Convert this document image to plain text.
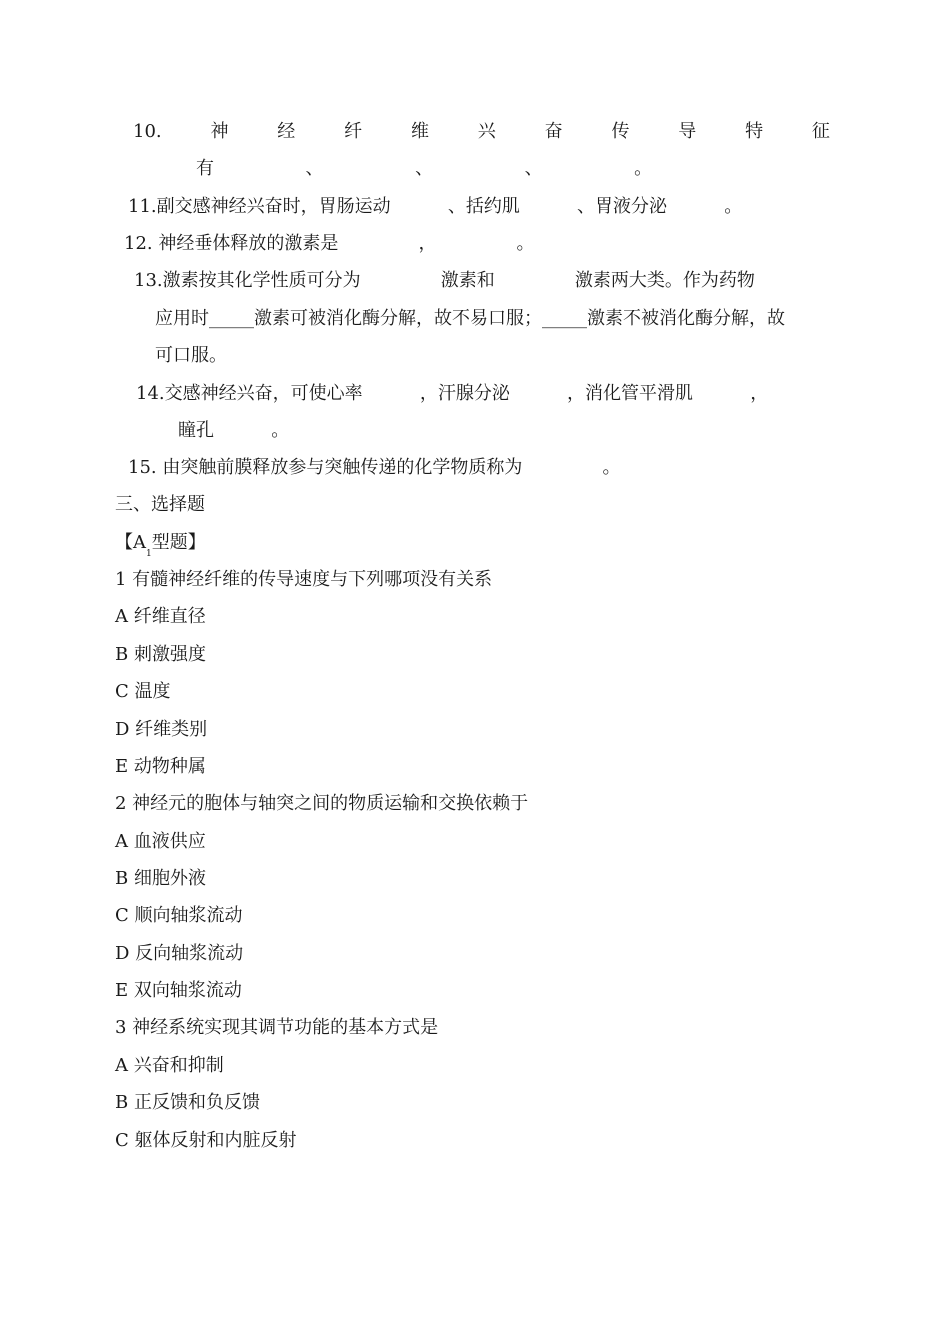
10.	神	经	纤	维	兴	奋	传	导	特	征
有                、                、                、                。
11.副交感神经兴奋时，胃肠运动          、括约肌          、胃液分泌          。
12. 神经垂体释放的激素是              ，              。
13.激素按其化学性质可分为              激素和              激素两大类。作为药物
应用时_____激素可被消化酶分解，故不易口服；_____激素不被消化酶分解，故
可口服。
14.交感神经兴奋，可使心率          ，汗腺分泌          ，消化管平滑肌          ，
瞳孔          。
15. 由突触前膜释放参与突触传递的化学物质称为              。
三、选择题
【$A_1$型题】
1 有髓神经纤维的传导速度与下列哪项没有关系
A 纤维直径
B 刺激强度
C 温度
D 纤维类别
E 动物种属
2 神经元的胞体与轴突之间的物质运输和交换依赖于
A 血液供应
B 细胞外液
C 顺向轴浆流动
D 反向轴浆流动
E 双向轴浆流动
3 神经系统实现其调节功能的基本方式是
A 兴奋和抑制
B 正反馈和负反馈
C 躯体反射和内脏反射
